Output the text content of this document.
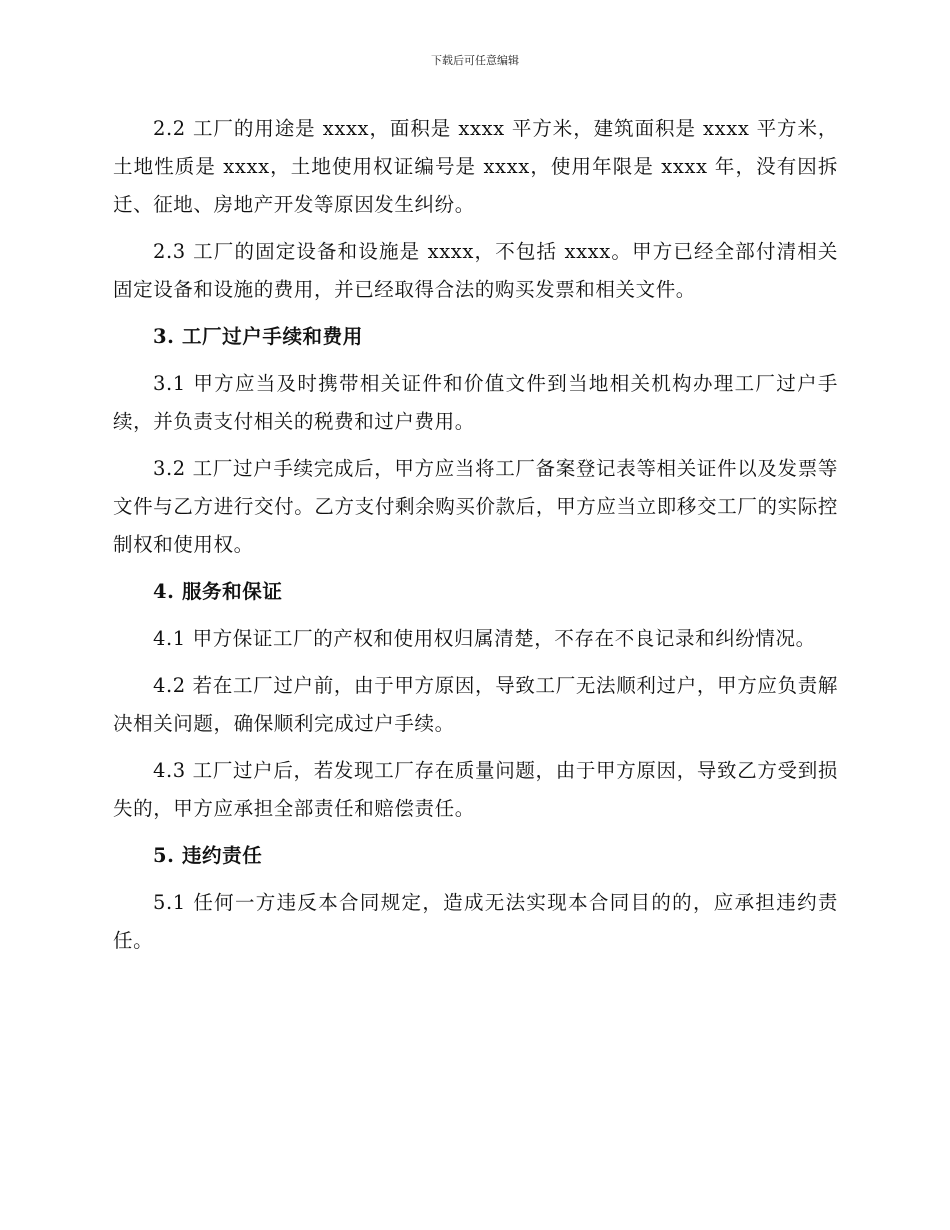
下载后可任意编辑

2.2 工厂的用途是 xxxx，面积是 xxxx 平方米，建筑面积是 xxxx 平方米，土地性质是 xxxx，土地使用权证编号是 xxxx，使用年限是 xxxx 年，没有因拆迁、征地、房地产开发等原因发生纠纷。

2.3 工厂的固定设备和设施是 xxxx，不包括 xxxx。甲方已经全部付清相关固定设备和设施的费用，并已经取得合法的购买发票和相关文件。

3. 工厂过户手续和费用

3.1 甲方应当及时携带相关证件和价值文件到当地相关机构办理工厂过户手续，并负责支付相关的税费和过户费用。

3.2 工厂过户手续完成后，甲方应当将工厂备案登记表等相关证件以及发票等文件与乙方进行交付。乙方支付剩余购买价款后，甲方应当立即移交工厂的实际控制权和使用权。

4. 服务和保证

4.1 甲方保证工厂的产权和使用权归属清楚，不存在不良记录和纠纷情况。

4.2 若在工厂过户前，由于甲方原因，导致工厂无法顺利过户，甲方应负责解决相关问题，确保顺利完成过户手续。

4.3 工厂过户后，若发现工厂存在质量问题，由于甲方原因，导致乙方受到损失的，甲方应承担全部责任和赔偿责任。

5. 违约责任

5.1 任何一方违反本合同规定，造成无法实现本合同目的的，应承担违约责任。
